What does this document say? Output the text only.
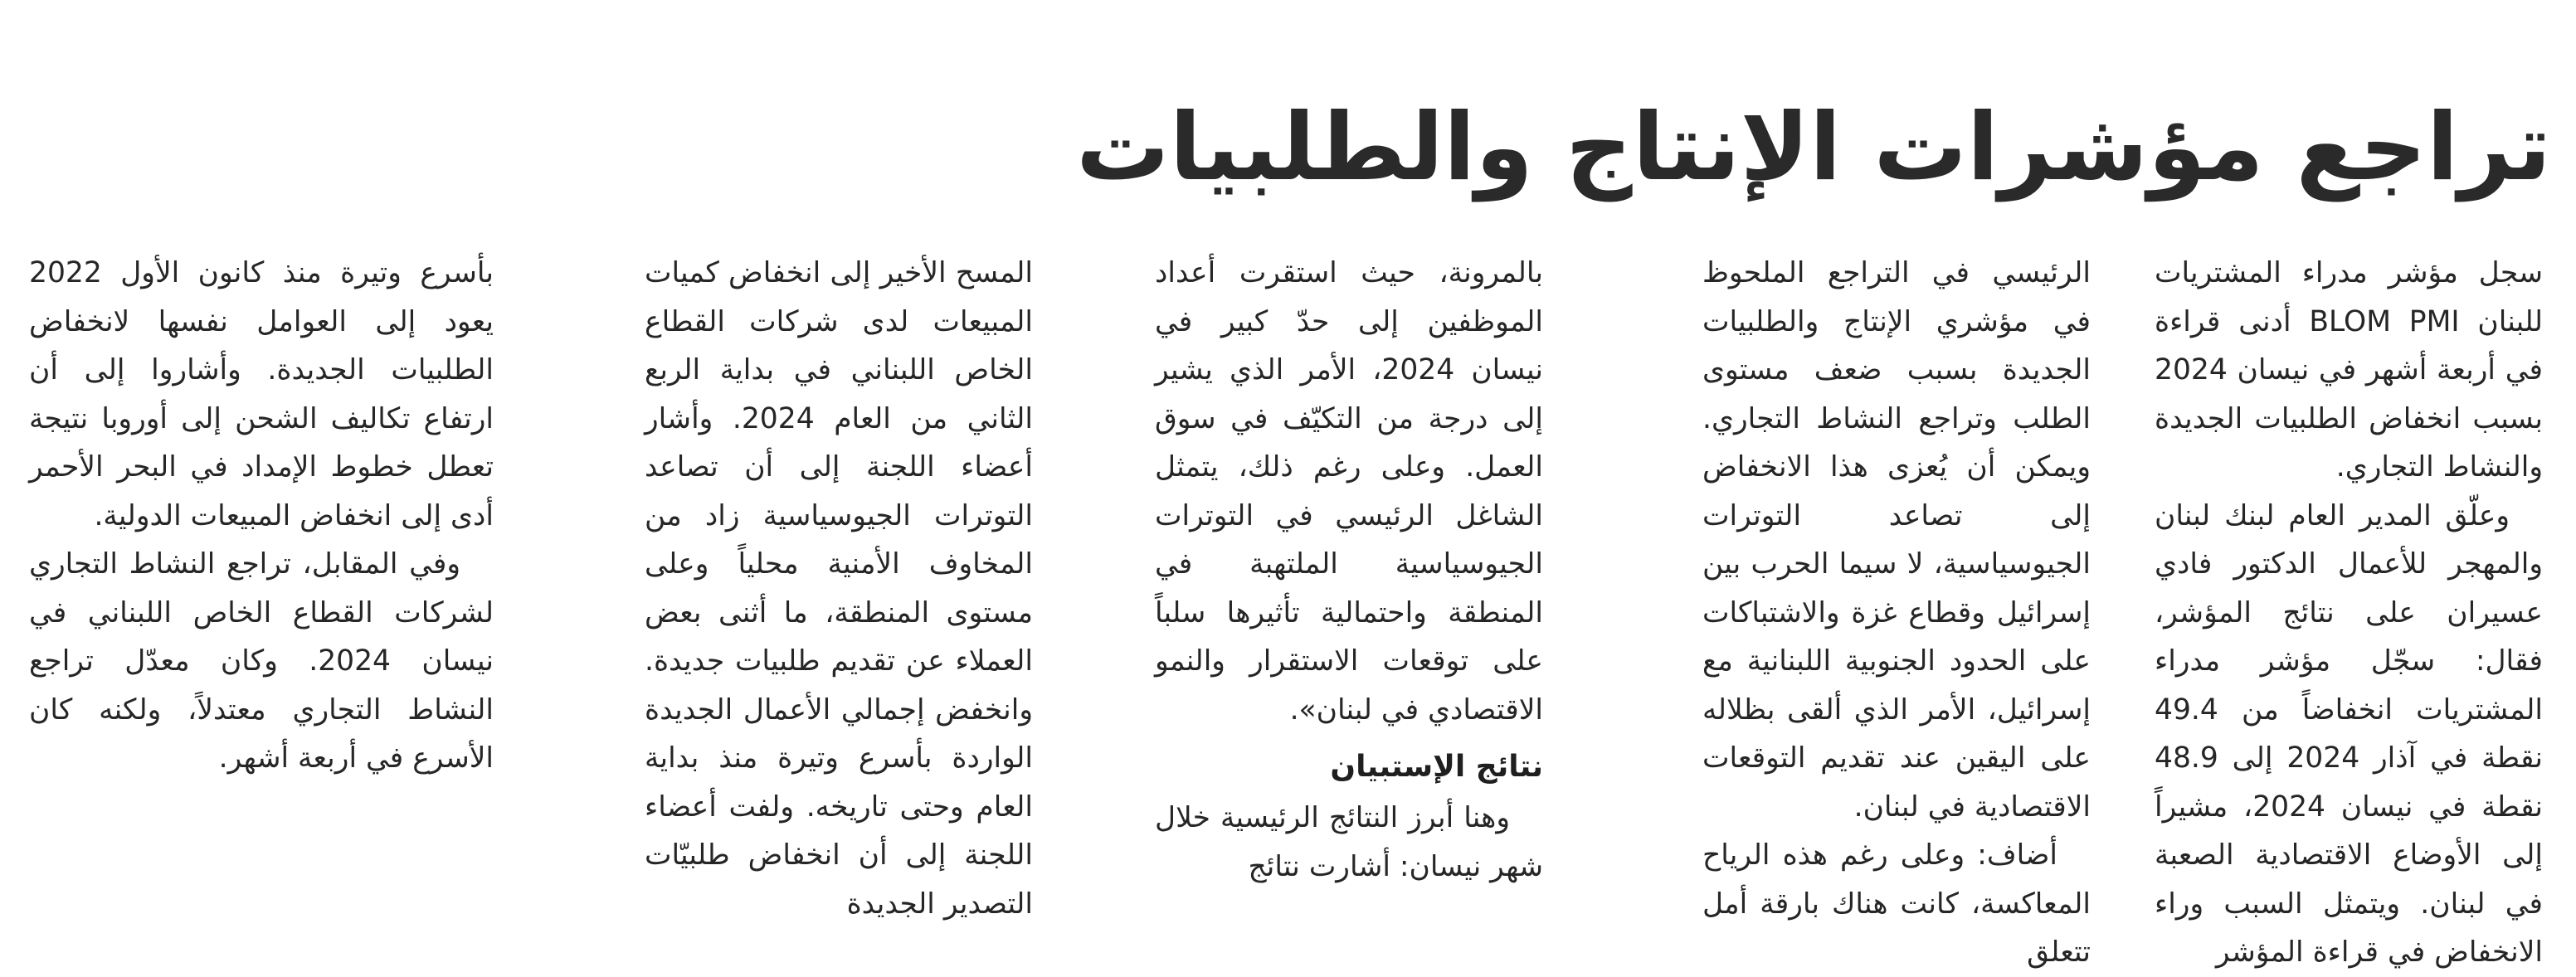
تراجع مؤشرات الإنتاج والطلبيات

سجل مؤشر مدراء المشتريات للبنان BLOM PMI أدنى قراءة في أربعة أشهر في نيسان 2024 بسبب انخفاض الطلبيات الجديدة والنشاط التجاري.

وعلّق المدير العام لبنك لبنان والمهجر للأعمال الدكتور فادي عسيران على نتائج المؤشر، فقال: سجّل مؤشر مدراء المشتريات انخفاضاً من 49.4 نقطة في آذار 2024 إلى 48.9 نقطة في نيسان 2024، مشيراً إلى الأوضاع الاقتصادية الصعبة في لبنان. ويتمثل السبب وراء الانخفاض في قراءة المؤشر

الرئيسي في التراجع الملحوظ في مؤشري الإنتاج والطلبيات الجديدة بسبب ضعف مستوى الطلب وتراجع النشاط التجاري. ويمكن أن يُعزى هذا الانخفاض إلى تصاعد التوترات الجيوسياسية، لا سيما الحرب بين إسرائيل وقطاع غزة والاشتباكات على الحدود الجنوبية اللبنانية مع إسرائيل، الأمر الذي ألقى بظلاله على اليقين عند تقديم التوقعات الاقتصادية في لبنان.

أضاف: وعلى رغم هذه الرياح المعاكسة، كانت هناك بارقة أمل تتعلق

بالمرونة، حيث استقرت أعداد الموظفين إلى حدّ كبير في نيسان 2024، الأمر الذي يشير إلى درجة من التكيّف في سوق العمل. وعلى رغم ذلك، يتمثل الشاغل الرئيسي في التوترات الجيوسياسية الملتهبة في المنطقة واحتمالية تأثيرها سلباً على توقعات الاستقرار والنمو الاقتصادي في لبنان».

نتائج الإستبيان

وهنا أبرز النتائج الرئيسية خلال شهر نيسان: أشارت نتائج

المسح الأخير إلى انخفاض كميات المبيعات لدى شركات القطاع الخاص اللبناني في بداية الربع الثاني من العام 2024. وأشار أعضاء اللجنة إلى أن تصاعد التوترات الجيوسياسية زاد من المخاوف الأمنية محلياً وعلى مستوى المنطقة، ما أثنى بعض العملاء عن تقديم طلبيات جديدة. وانخفض إجمالي الأعمال الجديدة الواردة بأسرع وتيرة منذ بداية العام وحتى تاريخه. ولفت أعضاء اللجنة إلى أن انخفاض طلبيّات التصدير الجديدة

بأسرع وتيرة منذ كانون الأول 2022 يعود إلى العوامل نفسها لانخفاض الطلبيات الجديدة. وأشاروا إلى أن ارتفاع تكاليف الشحن إلى أوروبا نتيجة تعطل خطوط الإمداد في البحر الأحمر أدى إلى انخفاض المبيعات الدولية.

وفي المقابل، تراجع النشاط التجاري لشركات القطاع الخاص اللبناني في نيسان 2024. وكان معدّل تراجع النشاط التجاري معتدلاً، ولكنه كان الأسرع في أربعة أشهر.
